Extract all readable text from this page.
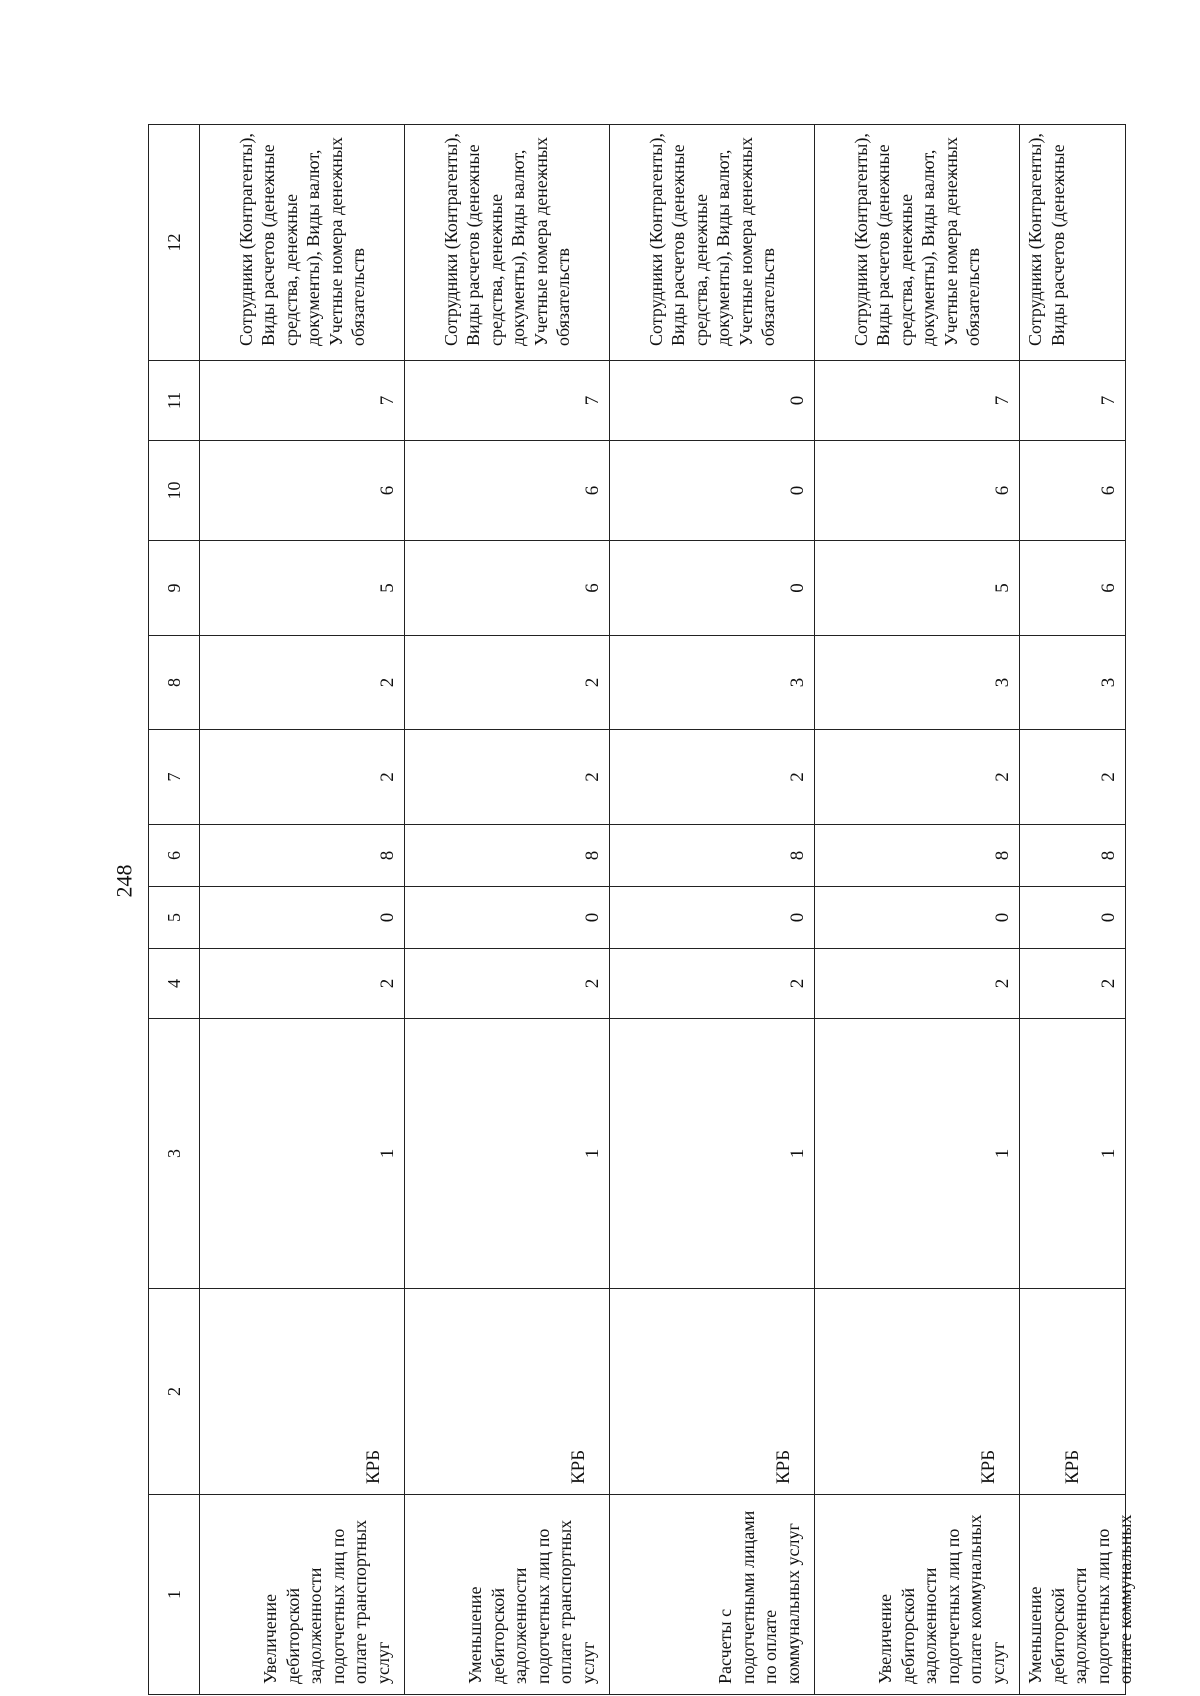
248
1	2	3	4	5	6	7	8	9	10	11	12
Увеличение дебиторской задолженности подотчетных лиц по оплате транспортных услуг	КРБ	1	2	0	8	2	2	5	6	7	Сотрудники (Контрагенты), Виды расчетов (денежные средства, денежные документы), Виды валют, Учетные номера денежных обязательств
Уменьшение дебиторской задолженности подотчетных лиц по оплате транспортных услуг	КРБ	1	2	0	8	2	2	6	6	7	Сотрудники (Контрагенты), Виды расчетов (денежные средства, денежные документы), Виды валют, Учетные номера денежных обязательств
Расчеты с подотчетными лицами по оплате коммунальных услуг	КРБ	1	2	0	8	2	3	0	0	0	Сотрудники (Контрагенты), Виды расчетов (денежные средства, денежные документы), Виды валют, Учетные номера денежных обязательств
Увеличение дебиторской задолженности подотчетных лиц по оплате коммунальных услуг	КРБ	1	2	0	8	2	3	5	6	7	Сотрудники (Контрагенты), Виды расчетов (денежные средства, денежные документы), Виды валют, Учетные номера денежных обязательств

Уменьшение дебиторской задолженности подотчетных лиц по оплате коммунальных	КРБ	1	2	0	8	2	3	6	6	7	Сотрудники (Контрагенты), Виды расчетов (денежные
